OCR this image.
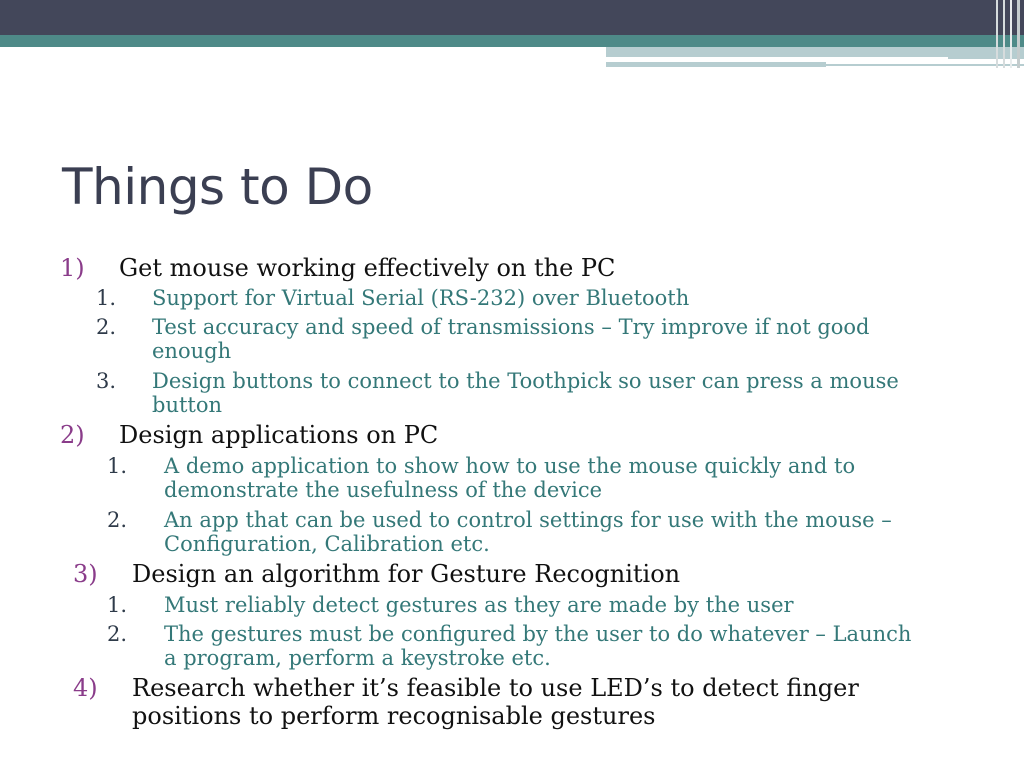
Things to Do
1) Get mouse working effectively on the PC
1. Support for Virtual Serial (RS-232) over Bluetooth
2. Test accuracy and speed of transmissions – Try improve if not good
enough
3. Design buttons to connect to the Toothpick so user can press a mouse
button
2) Design applications on PC
1. A demo application to show how to use the mouse quickly and to
demonstrate the usefulness of the device
2. An app that can be used to control settings for use with the mouse –
Configuration, Calibration etc.
3) Design an algorithm for Gesture Recognition
1. Must reliably detect gestures as they are made by the user
2. The gestures must be configured by the user to do whatever – Launch
a program, perform a keystroke etc.
4) Research whether it’s feasible to use LED’s to detect finger
positions to perform recognisable gestures
